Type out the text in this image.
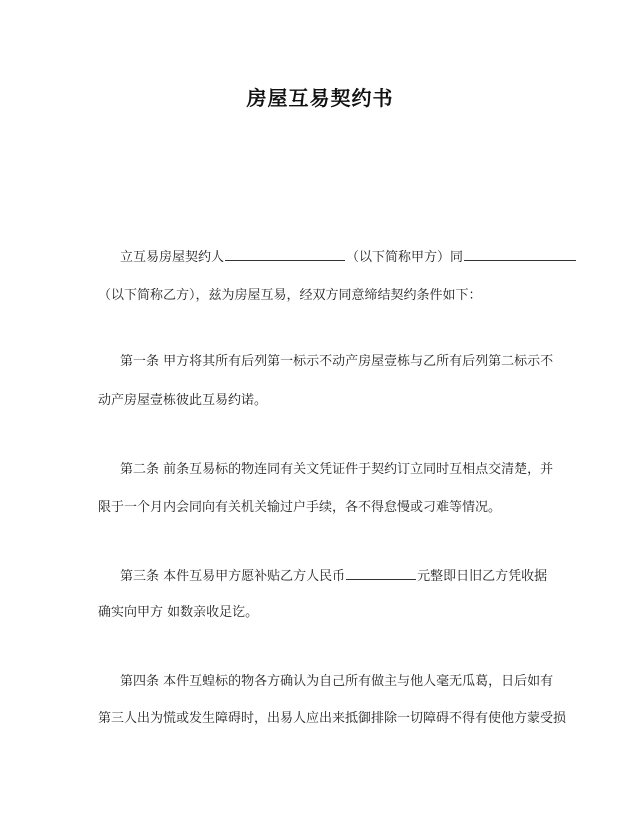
房屋互易契约书
立互易房屋契约人	（以下简称甲方）同
（以下简称乙方），兹为房屋互易，经双方同意缔结契约条件如下：
第一条 甲方将其所有后列第一标示不动产房屋壹栋与乙所有后列第二标示不
动产房屋壹栋彼此互易约诺。
第二条 前条互易标的物连同有关文凭证件于契约订立同时互相点交清楚，并
限于一个月内会同向有关机关输过户手续，各不得怠慢或刁难等情况。
第三条 本件互易甲方愿补贴乙方人民币	元整即日旧乙方凭收据
确实向甲方 如数亲收足讫。
第四条 本件互蝗标的物各方确认为自己所有做主与他人毫无瓜葛，日后如有
第三人出为慌或发生障碍时，出易人应出来抵御排除一切障碍不得有使他方蒙受损
